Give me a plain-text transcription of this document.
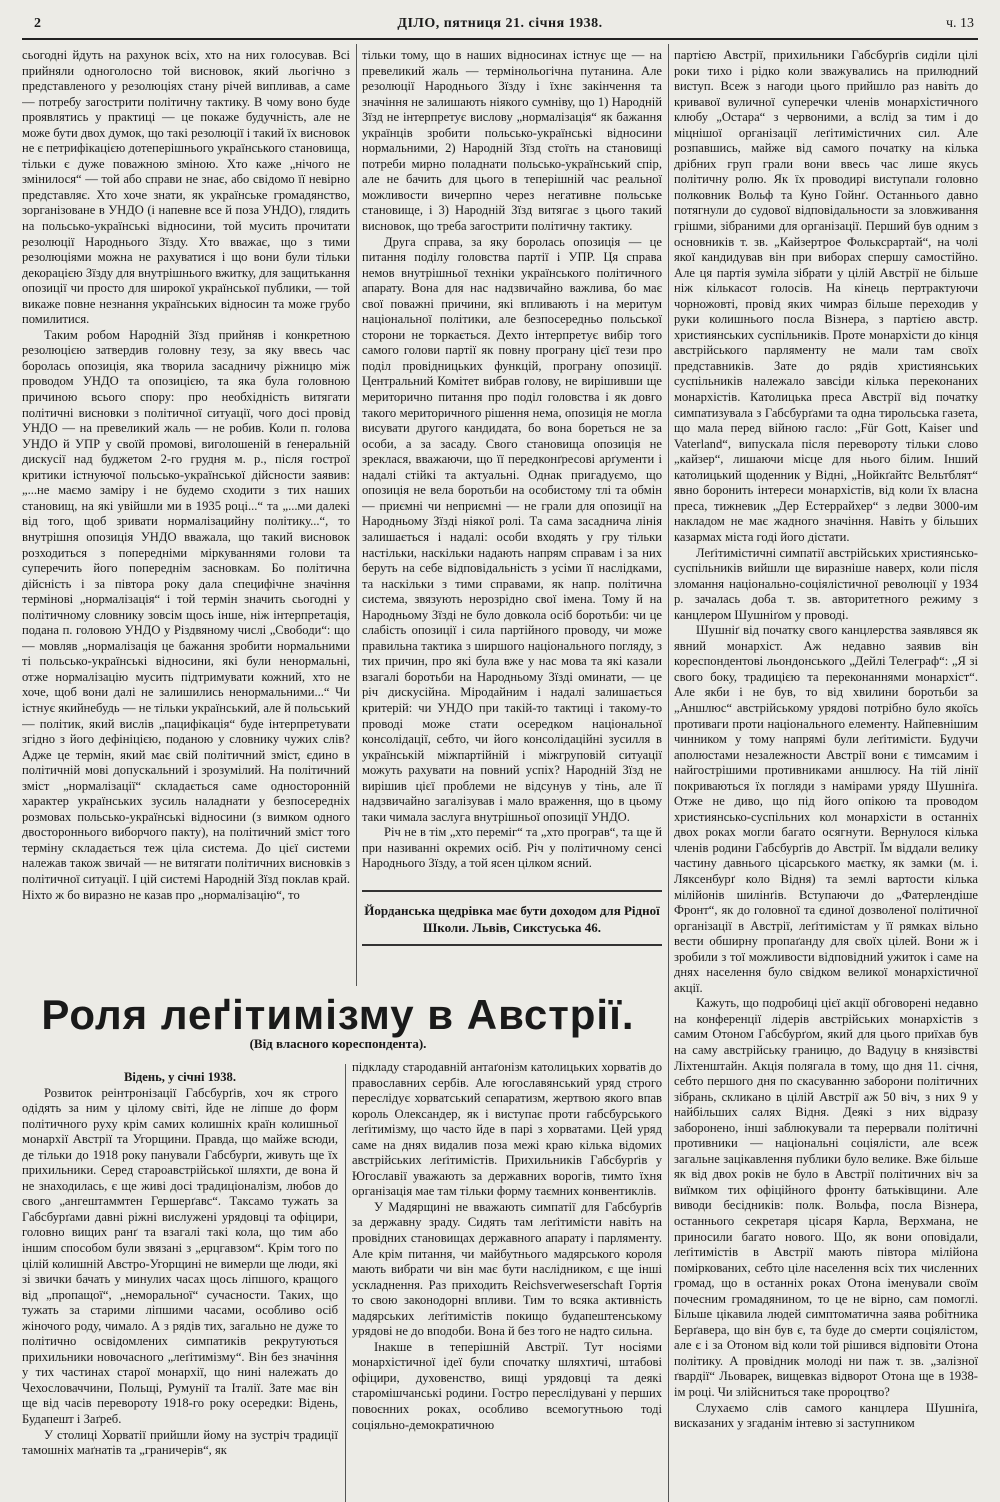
2	ДІЛО, пятниця 21. січня 1938.	ч. 13

сьогодні йдуть на рахунок всіх, хто на них голосував. Всі прийняли одноголосно той висновок, який льогічно з представленого у резолюціях стану річей випливав, а саме — потребу загострити політичну тактику. В чому воно буде проявлятись у практиці — це покаже будучність, але не може бути двох думок, що такі резолюції і такий їх висновок не є петрифікацією дотеперішнього українського становища, тільки є дуже поважною зміною. Хто каже „нічого не змінилося“ — той або справи не знає, або свідомо її невірно представляє. Хто хоче знати, як українське громадянство, зорганізоване в УНДО (і напевне все й поза УНДО), глядить на польсько-українські відносини, той мусить прочитати резолюції Народнього Зїзду. Хто вважає, що з тими резолюціями можна не рахуватися і що вони були тільки декорацією Зїзду для внутрішнього вжитку, для защитькання опозиції чи просто для широкої української публики, — той викаже повне незнання українських відносин та може грубо помилитися.

Таким робом Народній Зїзд прийняв і конкретною резолюцією затвердив головну тезу, за яку ввесь час боролась опозиція, яка творила засадничу ріжницю між проводом УНДО та опозицією, та яка була головною причиною всього спору: про необхідність витягати політичні висновки з політичної ситуації, чого досі провід УНДО — на превеликий жаль — не робив. Коли п. голова УНДО й УПР у своїй промові, виголошеній в ґенеральній дискусії над буджетом 2-го грудня м. р., після гострої критики істнуючої польсько-української дійсности заявив: „...не маємо заміру і не будемо сходити з тих наших становищ, на які увійшли ми в 1935 році...“ та „...ми далекі від того, щоб зривати нормалізацийну політику...“, то внутрішня опозиція УНДО вважала, що такий висновок розходиться з попередніми міркуваннями голови та суперечить його попереднім засновкам. Бо політична дійсність і за півтора року дала специфічне значіння термінові „нормалізація“ і той термін значить сьогодні у політичному словнику зовсім щось інше, ніж інтерпретація, подана п. головою УНДО у Різдвяному числі „Свободи“: що — мовляв „нормалізація це бажання зробити нормальними ті польсько-українські відносини, які були ненормальні, отже нормалізацію мусить підтримувати кожний, хто не хоче, щоб вони далі не залишились ненормальними...“ Чи істнує якийнебудь — не тільки український, але й польський — політик, який вислів „пацифікація“ буде інтерпретувати згідно з його дефініцією, поданою у словнику чужих слів? Адже це термін, який має свій політичний зміст, єдино в політичній мові допускальний і зрозумілий. На політичний зміст „нормалізації“ складається саме односторонній характер українських зусиль наладнати у безпосередніх розмовах польсько-українські відносини (з вимком одного двостороннього виборчого пакту), на політичний зміст того терміну складається теж ціла система. До цієї системи належав також звичай — не витягати політичних висновків з політичної ситуації. І цій системі Народній Зїзд поклав край. Ніхто ж бо виразно не казав про „нормалізацію“, то

тільки тому, що в наших відносинах істнує ще — на превеликий жаль — термінольогічна путанина. Але резолюції Народнього Зїзду і їхнє закінчення та значіння не залишають ніякого сумніву, що 1) Народній Зїзд не інтерпретує вислову „нормалізація“ як бажання українців зробити польсько-українські відносини нормальними, 2) Народній Зїзд стоїть на становищі потреби мирно поладнати польсько-український спір, але не бачить для цього в теперішній час реальної можливости вичерпно через негативне польське становище, і 3) Народній Зїзд витягає з цього такий висновок, що треба загострити політичну тактику.

Друга справа, за яку боролась опозиція — це питання поділу головства партії і УПР. Ця справа немов внутрішньої техніки українського політичного апарату. Вона для нас надзвичайно важлива, бо має свої поважні причини, які впливають і на меритум національної політики, але безпосередньо польської сторони не торкається. Дехто інтерпретує вибір того самого голови партії як повну програну цієї тези про поділ провідницьких функцій, програну опозиції. Центральний Комітет вибрав голову, не вирішивши ще мериторично питання про поділ головства і як довго такого мериторичного рішення нема, опозиція не могла висувати другого кандидата, бо вона бореться не за особи, а за засаду. Свого становища опозиція не зреклася, вважаючи, що її передконґресові арґументи і надалі стійкі та актуальні. Однак пригадуємо, що опозиція не вела боротьби на особистому тлі та обмін — приємні чи неприємні — не грали для опозиції на Народньому Зїзді ніякої ролі. Та сама засаднича лінія залишається і надалі: особи входять у гру тільки настільки, наскільки надають напрям справам і за них беруть на себе відповідальність з усіми її наслідками, та наскільки з тими справами, як напр. політична система, звязують нерозрідно свої імена. Тому й на Народньому Зїзді не було довкола осіб боротьби: чи це слабість опозиції і сила партійного проводу, чи може правильна тактика з ширшого національного погляду, з тих причин, про які була вже у нас мова та які казали взагалі боротьби на Народньому Зїзді оминати, — це річ дискусійна. Міродайним і надалі залишається критерій: чи УНДО при такій-то тактиці і такому-то проводі може стати осередком національної консолідації, себто, чи його консолідаційні зусилля в українській міжпартійній і міжгруповій ситуації можуть рахувати на повний успіх? Народній Зїзд не вирішив цієї проблеми не відсунув у тінь, але її надзвичайно загалізував і мало враження, що в цьому таки чимала заслуга внутрішньої опозиції УНДО.

Річ не в тім „хто переміг“ та „хто програв“, та ще й при називанні окремих осіб. Річ у політичному сенсі Народнього Зїзду, а той ясен цілком ясний.

Йорданська щедрівка має бути доходом для Рідної Школи. Львів, Сикстуська 46.

партією Австрії, прихильники Габсбурґів сиділи цілі роки тихо і рідко коли зважувались на прилюдний виступ. Всеж з нагоди цього прийшло раз навіть до кривавої вуличної суперечки членів монархістичного клюбу „Остара“ з червоними, а вслід за тим і до міцнішої організації леґітимістичних сил. Але розпавшись, майже від самого початку на кілька дрібних груп грали вони ввесь час лише якусь політичну ролю. Як їх проводирі виступали головно полковник Вольф та Куно Гойнґ. Останнього давно потягнули до судової відповідальности за зловживання грішми, зібраними для організації. Перший був одним з основників т. зв. „Кайзертрое Фольксpартай“, на чолі якої кандидував він при виборах спершу самостійно. Але ця партія зуміла зібрати у цілій Австрії не більше ніж кількасот голосів. На кінець пертрактуючи чорножовті, провід яких чимраз більше переходив у руки колишнього посла Візнера, з партією австр. християнських суспільників. Проте монархісти до кінця австрійського парляменту не мали там своїх представників. Зате до рядів християнських суспільників належало завсіди кілька переконаних монархістів. Католицька преса Австрії від початку симпатизувала з Габсбурґами та одна тирольська газета, що мала перед війною гасло: „Für Gott, Kaiser und Vaterland“, випускала після перевороту тільки слово „кайзер“, лишаючи місце для нього білим. Інший католицький щоденник у Відні, „Нойкґайтс Вельтблят“ явно боронить інтереси монархістів, від коли їх власна преса, тижневик „Дер Естеррайхер“ з ледви 3000-им накладом не має жадного значіння. Навіть у більших казармах міста годі його дістати.

Леґітимістичні симпатії австрійських християнсько-суспільників вийшли ще виразніше наверх, коли після зломання національно-соціялістичної революції у 1934 р. зачалась доба т. зв. авторитетного режиму з канцлером Шушніґом у проводі.

Шушніґ від початку свого канцлерства заявлявся як явний монархіст. Аж недавно заявив він кореспондентові льондонського „Дейлі Телеграф“: „Я зі свого боку, традицією та переконаннями монархіст“. Але якби і не був, то від хвилини боротьби за „Аншлюс“ австрійському урядові потрібно було якоїсь противаги проти національного елементу. Найпевнішим чинником у тому напрямі були леґітимісти. Будучи аполюстами незалежности Австрії вони є тимсамим і найгострішими противниками аншлюсу. На тій лінії покриваються їх погляди з намірами уряду Шушніґа. Отже не диво, що під його опікою та проводом християнсько-суспільних кол монархісти в останніх двох роках могли багато осягнути. Вернулося кілька членів родини Габсбурґів до Австрії. Їм віддали велику частину давнього цісарського маєтку, як замки (м. і. Ляксенбурґ коло Відня) та землі вартости кілька мілійонів шилінґів. Вступаючи до „Фатерлендіше Фронт“, як до головної та єдиної дозволеної політичної організації в Австрії, леґітимістам у її рямках вільно вести обширну пропаґанду для своїх цілей. Вони ж і зробили з тої можливости відповідний ужиток і саме на днях населення було свідком великої монархістичної акції.

Кажуть, що подробиці цієї акції обговорені недавно на конференції лідерів австрійських монархістів з самим Отоном Габсбурґом, який для цього приїхав був на саму австрійську границю, до Вадуцу в князівстві Ліхтенштайн. Акція полягала в тому, що дня 11. січня, себто першого дня по скасуванню заборони політичних зібрань, скликано в цілій Австрії аж 50 віч, з них 9 у найбільших салях Відня. Деякі з них відразу заборонено, інші заблюкували та перервали політичні противники — національні соціялісти, але всеж загальне зацікавлення публики було велике. Вже більше як від двох років не було в Австрії політичних віч за виїмком тих офіційного фронту батьківщини. Але виводи бесідників: полк. Вольфа, посла Візнера, останнього секретаря цісаря Карла, Верхмана, не приносили багато нового. Що, як вони оповідали, леґітимістів в Австрії мають півтора мілійона поміркованих, себто ціле населення всіх тих численних громад, що в останніх роках Отона іменували своїм почесним громадянином, то це не вірно, сам помоглі. Більше цікавила людей симптоматична заява робітника Берґавера, що він був є, та буде до смерти соціялістом, але є і за Отоном від коли той рішився відповіти Отона політику. А провідник молоді ни паж т. зв. „залізної ґвардії“ Льоварек, вищевказ відворот Отона ще в 1938-ім році. Чи злійсниться таке пророцтво?

Слухаємо слів самого канцлера Шушніґа, висказаних у згаданім інтевю зі заступником

Роля леґітимізму в Австрії.
(Від власного кореспондента).

Відень, у січні 1938.

Розвиток реінтронізації Габсбурґів, хоч як строго одідять за ним у цілому світі, йде не ліпше до форм політичного руху крім самих колишніх країн колишньої монархії Австрії та Угорщини. Правда, що майже всюди, де тільки до 1918 року панували Габсбурґи, живуть ще їх прихильники. Серед староавстрійської шляхти, де вона й не знаходилась, є ще живі досі традиціоналізм, любов до свого „ангештаммтен Гершерґавс“. Таксамо тужать за Габсбурґами давні ріжні вислужені урядовці та офіцири, головно вищих ранґ та взагалі такі кола, що тим або іншим способом були звязані з „ерцгавзом“. Крім того по цілій колишній Австро-Угорщині не вимерли ще люди, які зі звички бачать у минулих часах щось ліпшого, кращого від „пропащої“, „неморальної“ сучасности. Таких, що тужать за старими ліпшими часами, особливо осіб жіночого роду, чимало. А з рядів тих, загально не дуже то політично освідомлених симпатиків рекрутуються прихильники новочасного „леґітимізму“. Він без значіння у тих частинах старої монархії, що нині належать до Чехословаччини, Польщі, Румунії та Італії. Зате має він ще від часів перевороту 1918-го року осередки: Відень, Будапешт і Заґреб.

У столиці Хорватії прийшли йому на зустріч традиції тамошніх маґнатів та „граничерів“, як

підкладу стародавній антаґонізм католицьких хорватів до православних сербів. Але югославянський уряд строго переслідує хорватський сепаратизм, жертвою якого впав король Олександер, як і виступає проти габсбурського леґітимізму, що часто йде в парі з хорватами. Цей уряд саме на днях видалив поза межі краю кілька відомих австрійських леґітимістів. Прихильників Габсбурґів у Югославії уважають за державних ворогів, тимто їхня організація мае там тільки форму таємних конвентиклів.

У Мадярщині не вважають симпатії для Габсбурґів за державну зраду. Сидять там леґітимісти навіть на провідних становищах державного апарату і парляменту. Але крім питання, чи майбутнього мадярського короля мають вибрати чи він має бути наслідником, є ще інші ускладнення. Раз приходить Reichsverweserschaft Гортія то свою законодорні впливи. Тим то всяка активність мадярських леґітимістів покищо будапештенському урядові не до вподоби. Вона й без того не надто сильна.

Інакше в теперішній Австрії. Тут носіями монархістичної ідеї були спочатку шляхтичі, штабові офіцири, духовенство, вищі урядовці та деякі старомішчанські родини. Гостро переслідувані у перших повоєнних роках, особливо всемогутньою тоді соціяльно-демократичною
